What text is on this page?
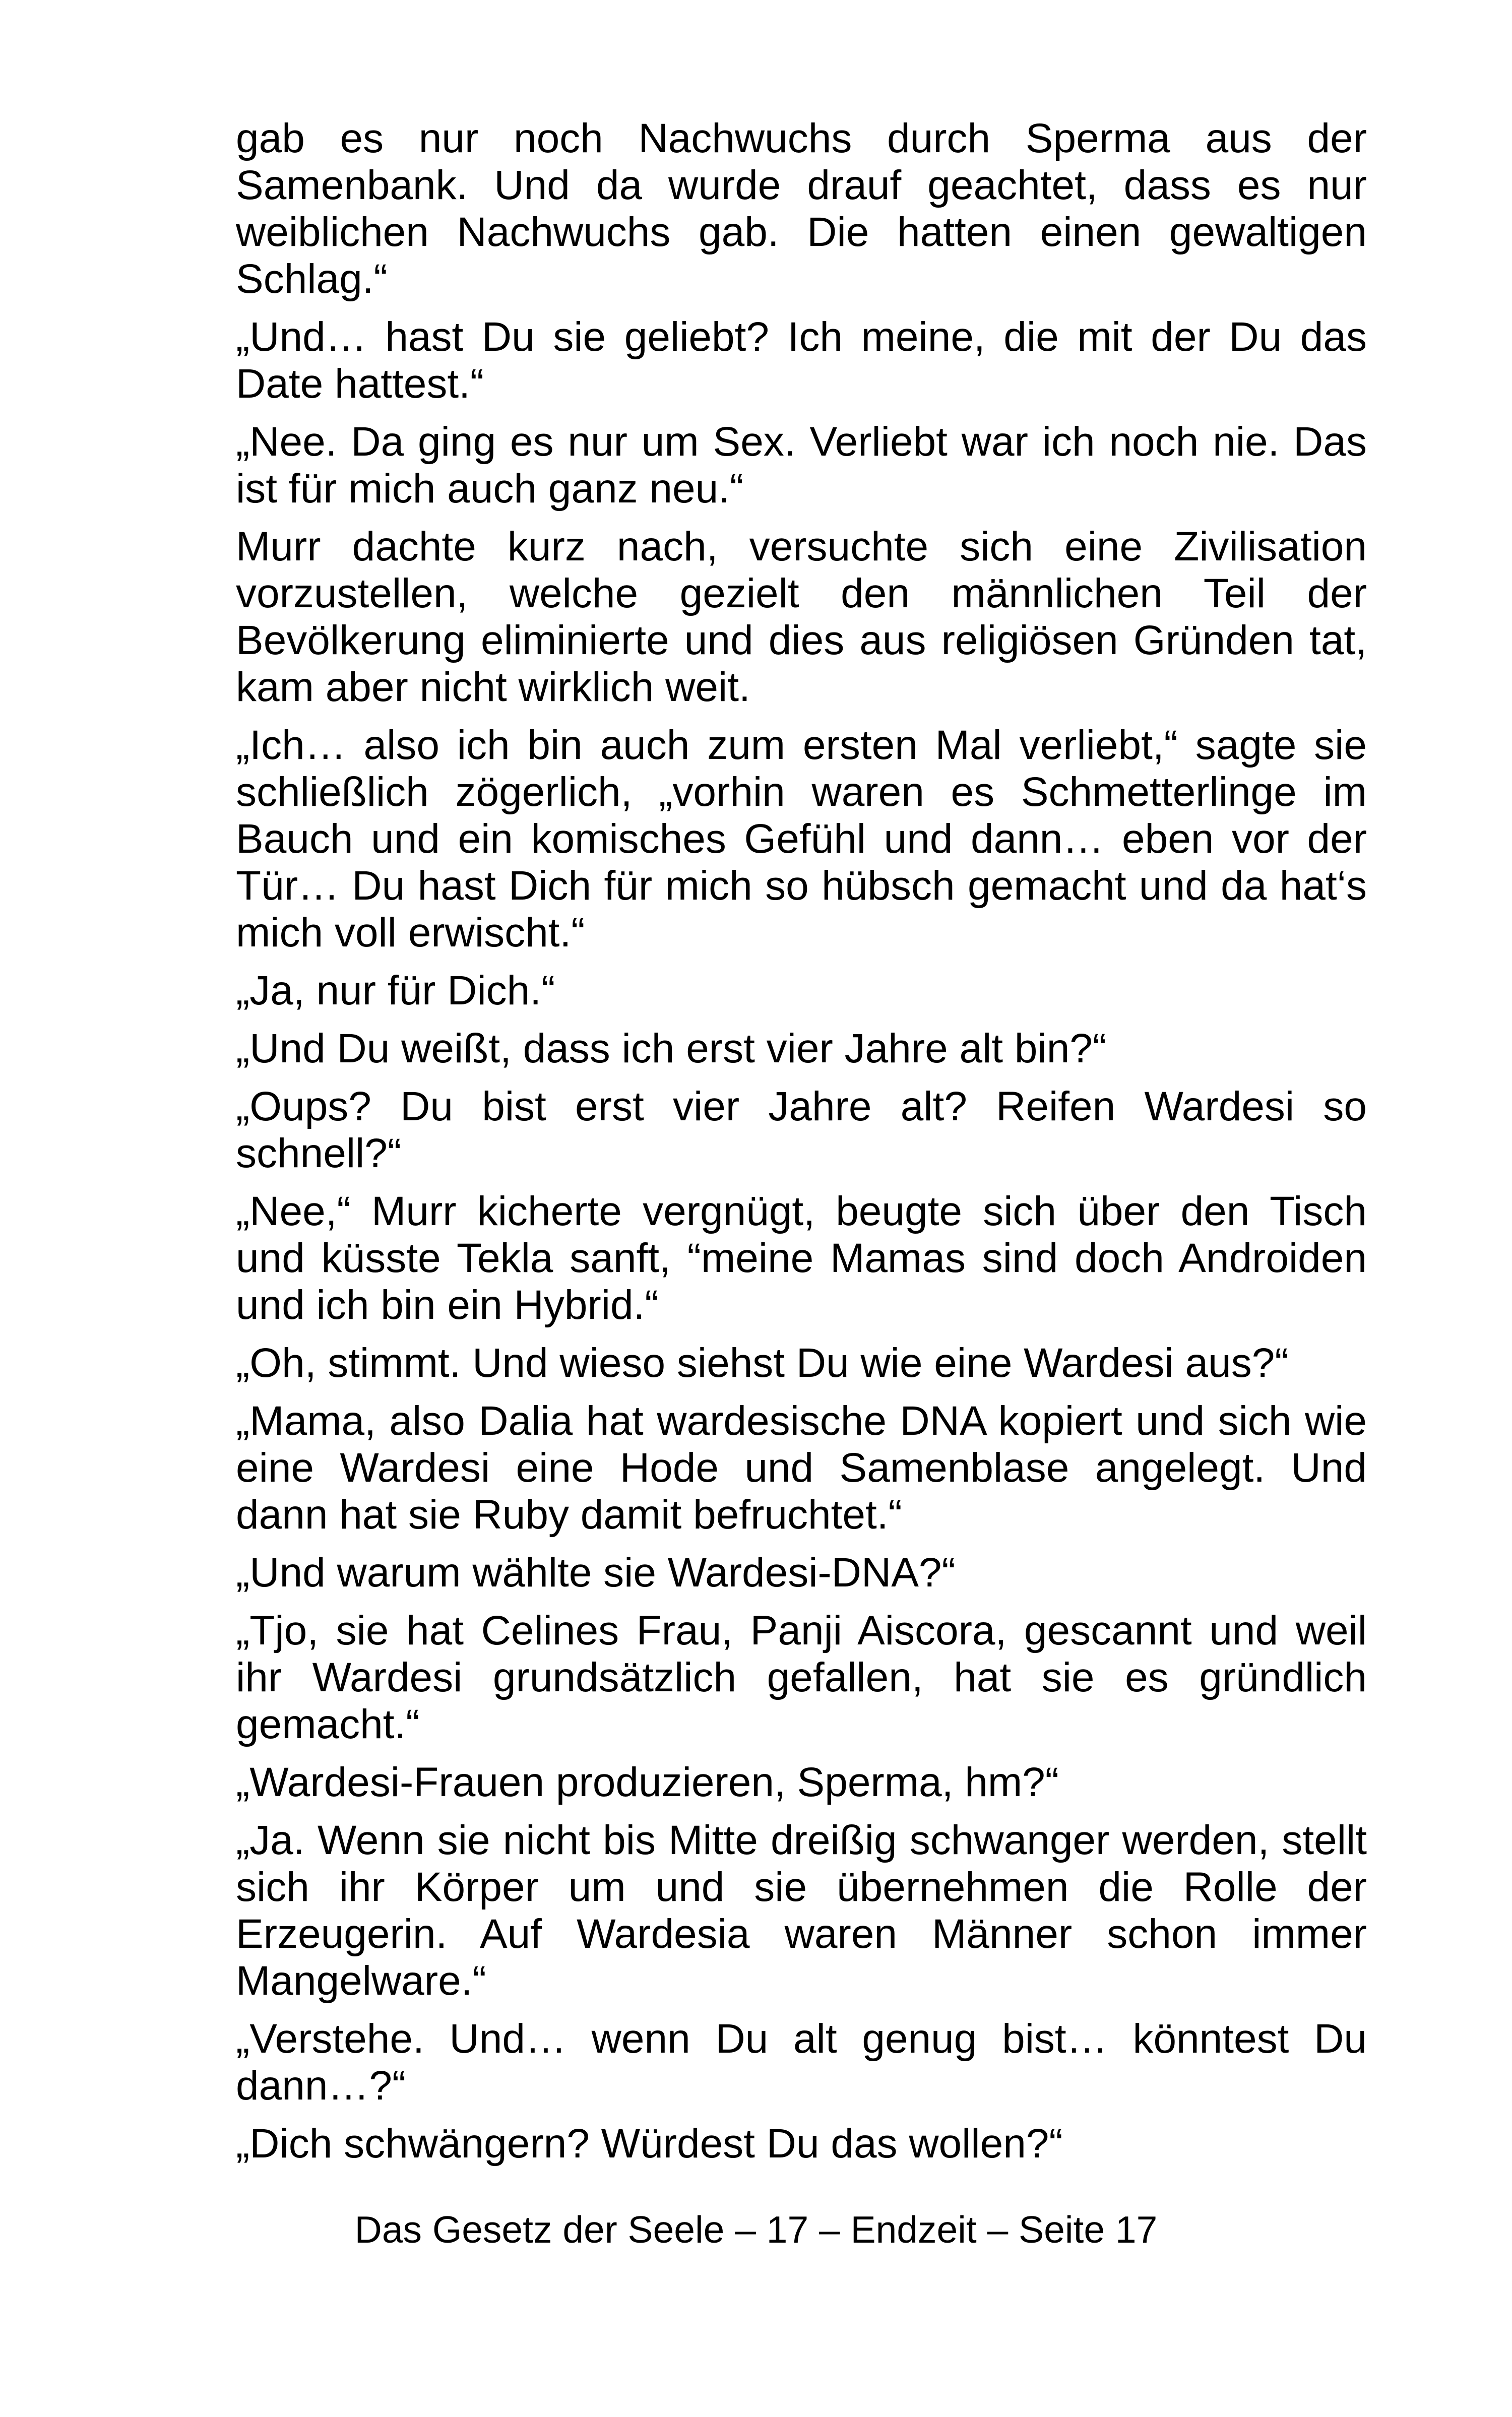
gab es nur noch Nachwuchs durch Sperma aus der Samenbank. Und da wurde drauf geachtet, dass es nur weiblichen Nachwuchs gab. Die hatten einen gewaltigen Schlag.“

„Und… hast Du sie geliebt? Ich meine, die mit der Du das Date hattest.“

„Nee. Da ging es nur um Sex. Verliebt war ich noch nie. Das ist für mich auch ganz neu.“

Murr dachte kurz nach, versuchte sich eine Zivilisation vorzustellen, welche gezielt den männlichen Teil der Bevölkerung eliminierte und dies aus religiösen Gründen tat, kam aber nicht wirklich weit.

„Ich… also ich bin auch zum ersten Mal verliebt,“ sagte sie schließlich zögerlich, „vorhin waren es Schmetterlinge im Bauch und ein komisches Gefühl und dann… eben vor der Tür… Du hast Dich für mich so hübsch gemacht und da hat‘s mich voll erwischt.“

„Ja, nur für Dich.“

„Und Du weißt, dass ich erst vier Jahre alt bin?“

„Oups? Du bist erst vier Jahre alt? Reifen Wardesi so schnell?“

„Nee,“ Murr kicherte vergnügt, beugte sich über den Tisch und küsste Tekla sanft, “meine Mamas sind doch Androiden und ich bin ein Hybrid.“

„Oh, stimmt. Und wieso siehst Du wie eine Wardesi aus?“

„Mama, also Dalia hat wardesische DNA kopiert und sich wie eine Wardesi eine Hode und Samenblase angelegt. Und dann hat sie Ruby damit befruchtet.“

„Und warum wählte sie Wardesi-DNA?“

„Tjo, sie hat Celines Frau, Panji Aiscora, gescannt und weil ihr Wardesi grundsätzlich gefallen, hat sie es gründlich gemacht.“

„Wardesi-Frauen produzieren, Sperma, hm?“

„Ja. Wenn sie nicht bis Mitte dreißig schwanger werden, stellt sich ihr Körper um und sie übernehmen die Rolle der Erzeugerin. Auf Wardesia waren Männer schon immer Mangelware.“

„Verstehe. Und… wenn Du alt genug bist… könntest Du dann…?“

„Dich schwängern? Würdest Du das wollen?“

Das Gesetz der Seele – 17 – Endzeit – Seite 17
